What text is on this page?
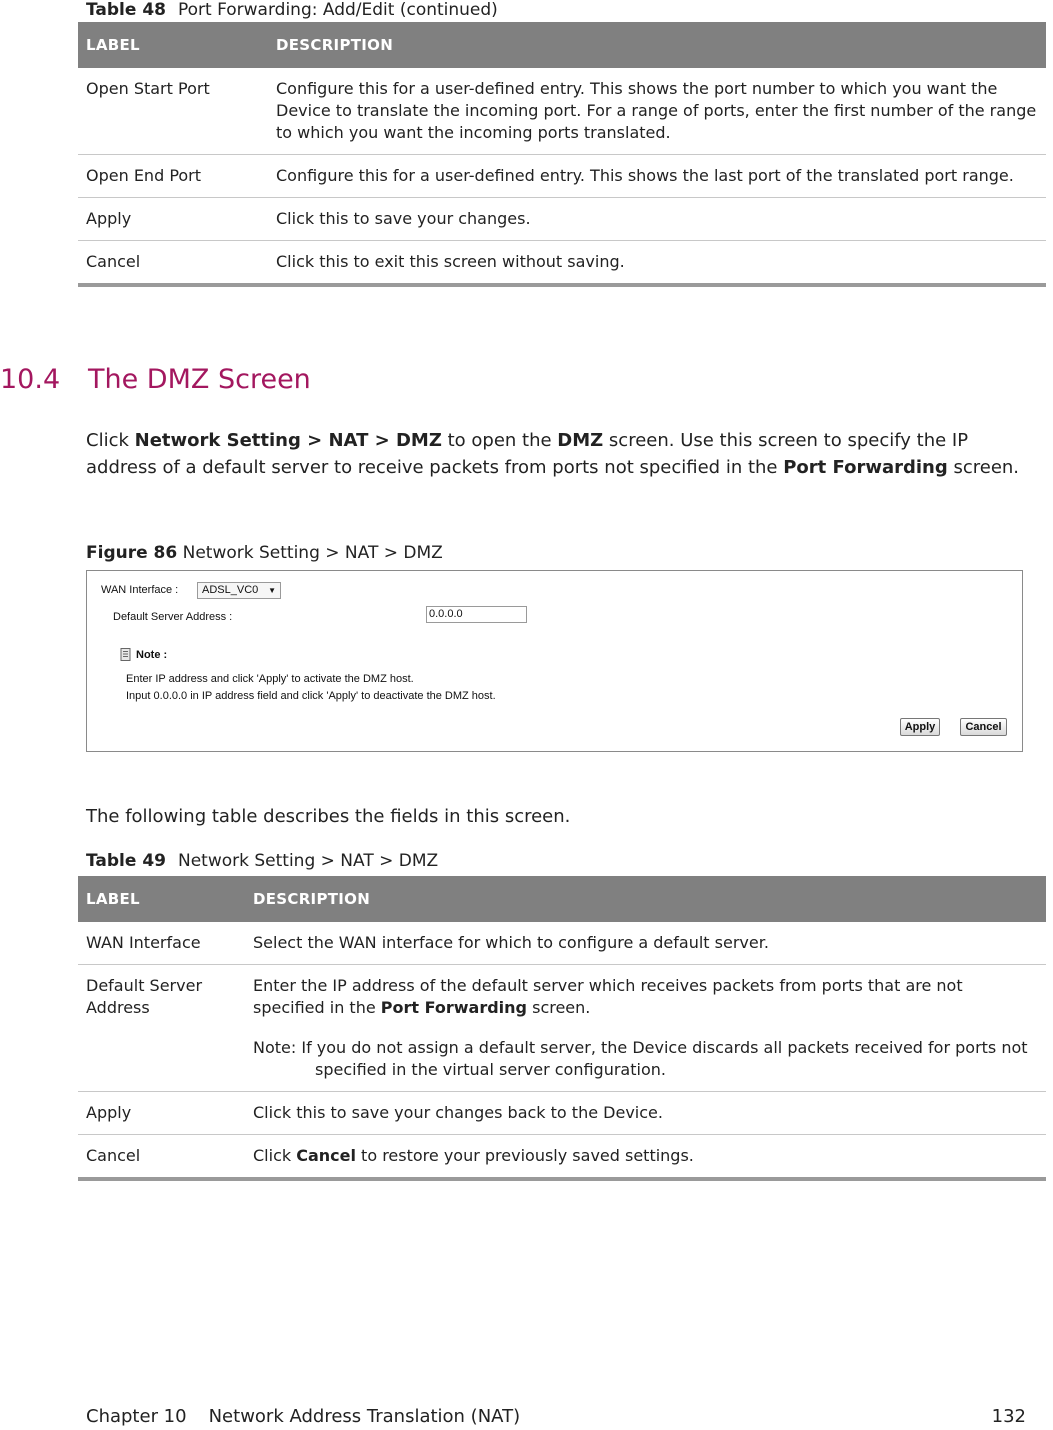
Table 48 Port Forwarding: Add/Edit (continued)
LABEL	DESCRIPTION
Open Start Port	Configure this for a user-defined entry. This shows the port number to which you want the Device to translate the incoming port. For a range of ports, enter the first number of the range to which you want the incoming ports translated.
Open End Port	Configure this for a user-defined entry. This shows the last port of the translated port range.
Apply	Click this to save your changes.
Cancel	Click this to exit this screen without saving.
10.4 The DMZ Screen
Click Network Setting > NAT > DMZ to open the DMZ screen. Use this screen to specify the IP address of a default server to receive packets from ports not specified in the Port Forwarding screen.
Figure 86 Network Setting > NAT > DMZ
WAN Interface :	ADSL_VC0 ▼
Default Server Address :	0.0.0.0
Note :
Enter IP address and click 'Apply' to activate the DMZ host.
Input 0.0.0.0 in IP address field and click 'Apply' to deactivate the DMZ host.
Apply	Cancel
The following table describes the fields in this screen.
Table 49 Network Setting > NAT > DMZ
LABEL	DESCRIPTION
WAN Interface	Select the WAN interface for which to configure a default server.
Default Server Address	Enter the IP address of the default server which receives packets from ports that are not specified in the Port Forwarding screen.
Note: If you do not assign a default server, the Device discards all packets received for ports not specified in the virtual server configuration.

Apply	Click this to save your changes back to the Device.
Cancel	Click Cancel to restore your previously saved settings.
Chapter 10 Network Address Translation (NAT)	132
